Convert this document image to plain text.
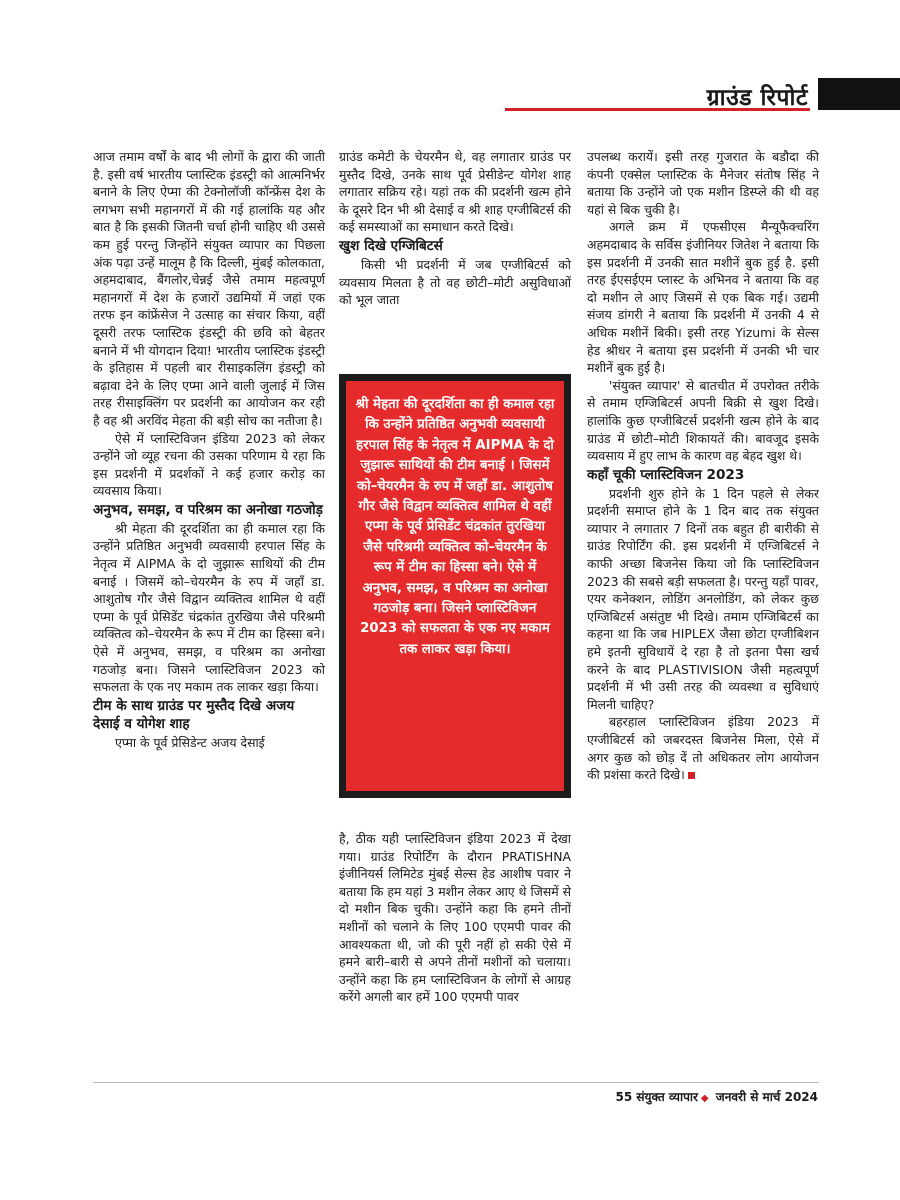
ग्राउंड रिपोर्ट

आज तमाम वर्षों के बाद भी लोगों के द्वारा की जाती है. इसी वर्ष भारतीय प्लास्टिक इंडस्ट्री को आत्मनिर्भर बनाने के लिए ऐप्मा की टेक्नोलॉजी कॉन्फ्रेंस देश के लगभग सभी महानगरों में की गई हालांकि यह और बात है कि इसकी जितनी चर्चा होनी चाहिए थी उससे कम हुई परन्तु जिन्होंने संयुक्त व्यापार का पिछला अंक पढ़ा उन्हें मालूम है कि दिल्ली, मुंबई कोलकाता, अहमदाबाद, बैंगलोर,चेन्नई जैसे तमाम महत्वपूर्ण महानगरों में देश के हजारों उद्यमियों में जहां एक तरफ इन कांफ्रेंसेज ने उत्साह का संचार किया, वहीं दूसरी तरफ प्लास्टिक इंडस्ट्री की छवि को बेहतर बनाने में भी योगदान दिया! भारतीय प्लास्टिक इंडस्ट्री के इतिहास में पहली बार रीसाइकलिंग इंडस्ट्री को बढ़ावा देने के लिए एप्मा आने वाली जुलाई में जिस तरह रीसाइक्लिंग पर प्रदर्शनी का आयोजन कर रही है वह श्री अरविंद मेहता की बड़ी सोच का नतीजा है।

ऐसे में प्लास्टिविजन इंडिया 2023 को लेकर उन्होंने जो व्यूह रचना की उसका परिणाम ये रहा कि इस प्रदर्शनी में प्रदर्शकों ने कई हजार करोड़ का व्यवसाय किया।

अनुभव, समझ, व परिश्रम का अनोखा गठजोड़

श्री मेहता की दूरदर्शिता का ही कमाल रहा कि उन्होंने प्रतिष्ठित अनुभवी व्यवसायी हरपाल सिंह के नेतृत्व में AIPMA के दो जुझारू साथियों की टीम बनाई । जिसमें को–चेयरमैन के रुप में जहाँ डा. आशुतोष गौर जैसे विद्वान व्यक्तित्व शामिल थे वहीं एप्मा के पूर्व प्रेसिडेंट चंद्रकांत तुरखिया जैसे परिश्रमी व्यक्तित्व को–चेयरमैन के रूप में टीम का हिस्सा बने। ऐसे में अनुभव, समझ, व परिश्रम का अनोखा गठजोड़ बना। जिसने प्लास्टिविजन 2023 को सफलता के एक नए मकाम तक लाकर खड़ा किया।

टीम के साथ ग्राउंड पर मुस्तैद दिखे अजय देसाई व योगेश शाह

एप्मा के पूर्व प्रेसिडेन्ट अजय देसाई

ग्राउंड कमेटी के चेयरमैन थे, वह लगातार ग्राउंड पर मुस्तैद दिखे, उनके साथ पूर्व प्रेसीडेन्ट योगेश शाह लगातार सक्रिय रहे। यहां तक की प्रदर्शनी खत्म होने के दूसरे दिन भी श्री देसाई व श्री शाह एग्जीबिटर्स की कई समस्याओं का समाधान करते दिखे।

खुश दिखे एग्जिबिटर्स

किसी भी प्रदर्शनी में जब एग्जीबिटर्स को व्यवसाय मिलता है तो वह छोटी–मोटी असुविधाओं को भूल जाता

श्री मेहता की दूरदर्शिता का ही कमाल रहा कि उन्होंने प्रतिष्ठित अनुभवी व्यवसायी हरपाल सिंह के नेतृत्व में AIPMA के दो जुझारू साथियों की टीम बनाई । जिसमें को–चेयरमैन के रुप में जहाँ डा. आशुतोष गौर जैसे विद्वान व्यक्तित्व शामिल थे वहीं एप्मा के पूर्व प्रेसिडेंट चंद्रकांत तुरखिया जैसे परिश्रमी व्यक्तित्व को–चेयरमैन के रूप में टीम का हिस्सा बने। ऐसे में अनुभव, समझ, व परिश्रम का अनोखा गठजोड़ बना। जिसने प्लास्टिविजन 2023 को सफलता के एक नए मकाम तक लाकर खड़ा किया।

है, ठीक यही प्लास्टिविजन इंडिया 2023 में देखा गया। ग्राउंड रिपोर्टिंग के दौरान PRATISHNA इंजीनियर्स लिमिटेड मुंबई सेल्स हेड आशीष पवार ने बताया कि हम यहां 3 मशीन लेकर आए थे जिसमें से दो मशीन बिक चुकी। उन्होंने कहा कि हमने तीनों मशीनों को चलाने के लिए 100 एएमपी पावर की आवश्यकता थी, जो की पूरी नहीं हो सकी ऐसे में हमने बारी–बारी से अपने तीनों मशीनों को चलाया। उन्होंने कहा कि हम प्लास्टिविजन के लोगों से आग्रह करेंगे अगली बार हमें 100 एएमपी पावर

उपलब्ध करायें। इसी तरह गुजरात के बडौदा की कंपनी एक्सेल प्लास्टिक के मैनेजर संतोष सिंह ने बताया कि उन्होंने जो एक मशीन डिस्प्ले की थी वह यहां से बिक चुकी है।

अगले क्रम में एफसीएस मैन्यूफैक्चरिंग अहमदाबाद के सर्विस इंजीनियर जितेश ने बताया कि इस प्रदर्शनी में उनकी सात मशीनें बुक हुई है. इसी तरह ईएसईएम प्लास्ट के अभिनव ने बताया कि वह दो मशीन ले आए जिसमें से एक बिक गई। उद्यमी संजय डांगरी ने बताया कि प्रदर्शनी में उनकी 4 से अधिक मशीनें बिकी। इसी तरह Yizumi के सेल्स हेड श्रीधर ने बताया इस प्रदर्शनी में उनकी भी चार मशीनें बुक हुई है।

'संयुक्त व्यापार' से बातचीत में उपरोक्त तरीके से तमाम एग्जिबिटर्स अपनी बिक्री से खुश दिखे। हालांकि कुछ एग्जीबिटर्स प्रदर्शनी खत्म होने के बाद ग्राउंड में छोटी–मोटी शिकायतें की। बावजूद इसके व्यवसाय में हुए लाभ के कारण वह बेहद खुश थे।

कहाँ चूकी प्लास्टिविजन 2023

प्रदर्शनी शुरु होने के 1 दिन पहले से लेकर प्रदर्शनी समाप्त होने के 1 दिन बाद तक संयुक्त व्यापार ने लगातार 7 दिनों तक बहुत ही बारीकी से ग्राउंड रिपोर्टिंग की. इस प्रदर्शनी में एग्जिबिटर्स ने काफी अच्छा बिजनेस किया जो कि प्लास्टिविजन 2023 की सबसे बड़ी सफलता है। परन्तु यहाँ पावर, एयर कनेक्शन, लोडिंग अनलोडिंग, को लेकर कुछ एग्जिबिटर्स असंतुष्ट भी दिखे। तमाम एग्जिबिटर्स का कहना था कि जब HIPLEX जैसा छोटा एग्जीबिशन हमे इतनी सुविधायें दे रहा है तो इतना पैसा खर्च करने के बाद PLASTIVISION जैसी महत्वपूर्ण प्रदर्शनी में भी उसी तरह की व्यवस्था व सुविधाएं मिलनी चाहिए?

बहरहाल प्लास्टिविजन इंडिया 2023 में एग्जीबिटर्स को जबरदस्त बिजनेस मिला, ऐसे में अगर कुछ को छोड़ दें तो अधिकतर लोग आयोजन की प्रशंसा करते दिखे।

55 संयुक्त व्यापार ◆ जनवरी से मार्च 2024
